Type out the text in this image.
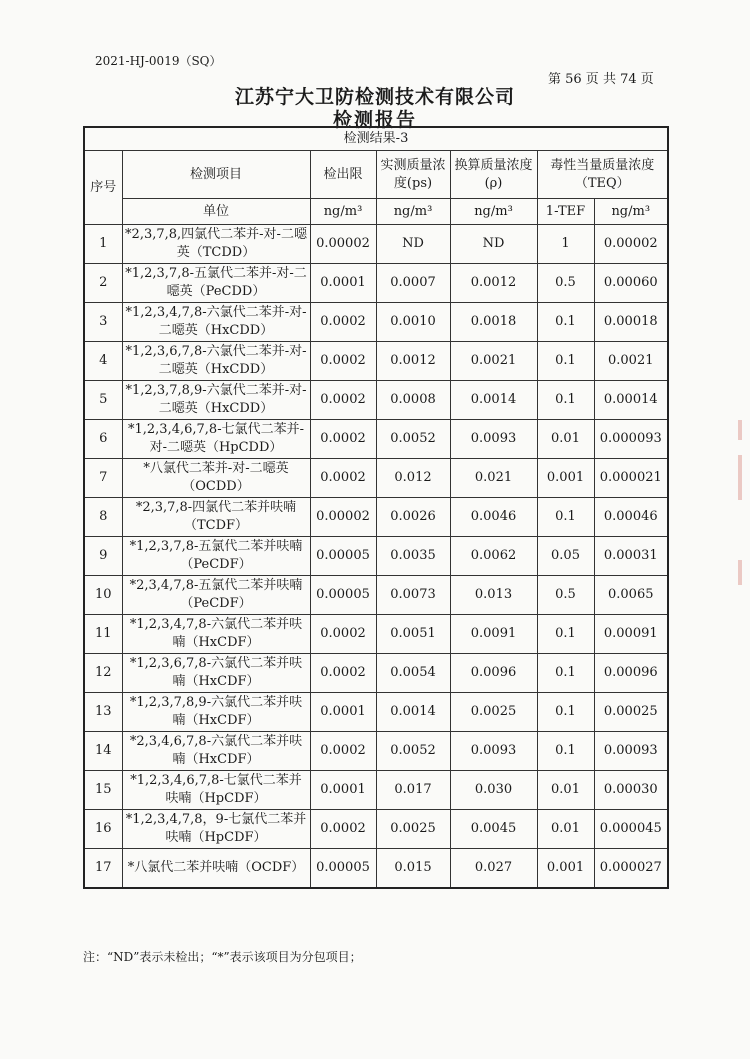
2021-HJ-0019（SQ）
第 56 页 共 74 页
江苏宁大卫防检测技术有限公司
检测报告
检测结果-3						
序号	检测项目	检出限	实测质量浓度(ps)	换算质量浓度(ρ)	毒性当量质量浓度（TEQ）	
	单位	ng/m³	ng/m³	ng/m³	1-TEF	ng/m³
1	*2,3,7,8,四氯代二苯并-对-二噁英（TCDD）	0.00002	ND	ND	1	0.00002
2	*1,2,3,7,8-五氯代二苯并-对-二噁英（PeCDD）	0.0001	0.0007	0.0012	0.5	0.00060
3	*1,2,3,4,7,8-六氯代二苯并-对-二噁英（HxCDD）	0.0002	0.0010	0.0018	0.1	0.00018
4	*1,2,3,6,7,8-六氯代二苯并-对-二噁英（HxCDD）	0.0002	0.0012	0.0021	0.1	0.0021
5	*1,2,3,7,8,9-六氯代二苯并-对-二噁英（HxCDD）	0.0002	0.0008	0.0014	0.1	0.00014
6	*1,2,3,4,6,7,8-七氯代二苯并-对-二噁英（HpCDD）	0.0002	0.0052	0.0093	0.01	0.000093
7	*八氯代二苯并-对-二噁英（OCDD）	0.0002	0.012	0.021	0.001	0.000021
8	*2,3,7,8-四氯代二苯并呋喃（TCDF）	0.00002	0.0026	0.0046	0.1	0.00046
9	*1,2,3,7,8-五氯代二苯并呋喃（PeCDF）	0.00005	0.0035	0.0062	0.05	0.00031
10	*2,3,4,7,8-五氯代二苯并呋喃（PeCDF）	0.00005	0.0073	0.013	0.5	0.0065
11	*1,2,3,4,7,8-六氯代二苯并呋喃（HxCDF）	0.0002	0.0051	0.0091	0.1	0.00091
12	*1,2,3,6,7,8-六氯代二苯并呋喃（HxCDF）	0.0002	0.0054	0.0096	0.1	0.00096
13	*1,2,3,7,8,9-六氯代二苯并呋喃（HxCDF）	0.0001	0.0014	0.0025	0.1	0.00025
14	*2,3,4,6,7,8-六氯代二苯并呋喃（HxCDF）	0.0002	0.0052	0.0093	0.1	0.00093
15	*1,2,3,4,6,7,8-七氯代二苯并呋喃（HpCDF）	0.0001	0.017	0.030	0.01	0.00030
16	*1,2,3,4,7,8，9-七氯代二苯并呋喃（HpCDF）	0.0002	0.0025	0.0045	0.01	0.000045
17	*八氯代二苯并呋喃（OCDF）	0.00005	0.015	0.027	0.001	0.000027
注：“ND”表示未检出；“*”表示该项目为分包项目；
